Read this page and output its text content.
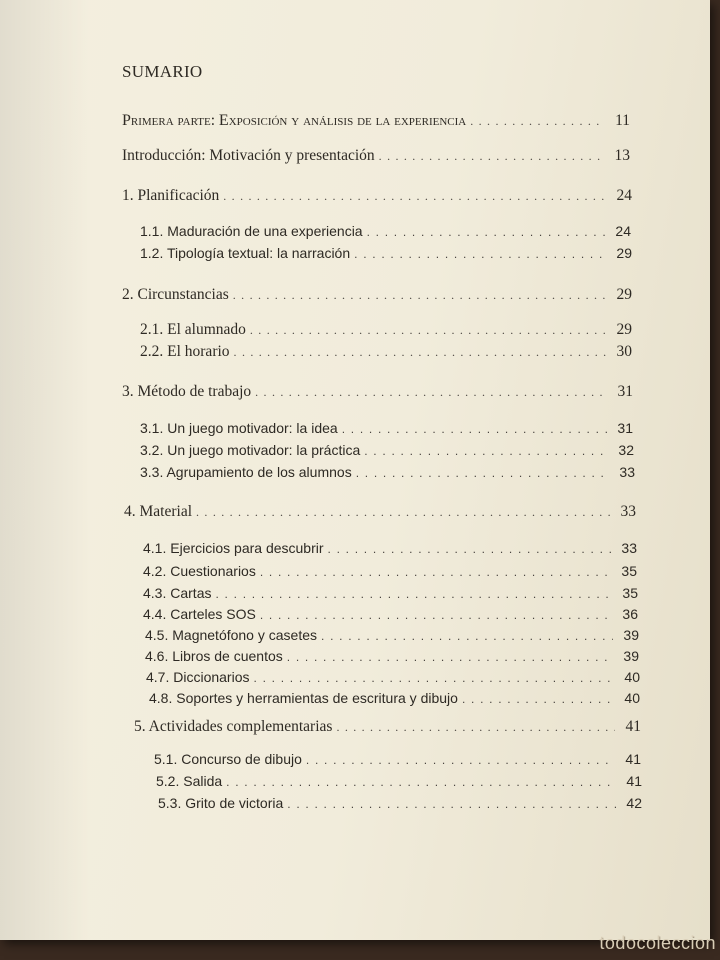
SUMARIO
Primera parte: Exposición y análisis de la experiencia . . .	11
Introducción: Motivación y presentación . . .	13
1. Planificación . . .	24
1.1. Maduración de una experiencia . . .	24
1.2. Tipología textual: la narración . . .	29
2. Circunstancias . . .	29
2.1. El alumnado . . .	29
2.2. El horario . . .	30
3. Método de trabajo . . .	31
3.1. Un juego motivador: la idea . . .	31
3.2. Un juego motivador: la práctica . . .	32
3.3. Agrupamiento de los alumnos . . .	33
4. Material . . .	33
4.1. Ejercicios para descubrir . . .	33
4.2. Cuestionarios . . .	35
4.3. Cartas . . .	35
4.4. Carteles SOS . . .	36
4.5. Magnetófono y casetes . . .	39
4.6. Libros de cuentos . . .	39
4.7. Diccionarios . . .	40
4.8. Soportes y herramientas de escritura y dibujo . . .	40
5. Actividades complementarias . . .	41
5.1. Concurso de dibujo . . .	41
5.2. Salida . . .	41
5.3. Grito de victoria . . .	42
todocoleccion
